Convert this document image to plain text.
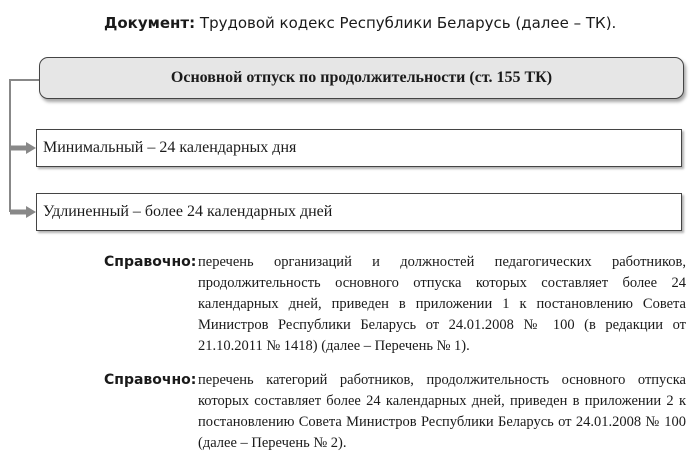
Документ: Трудовой кодекс Республики Беларусь (далее – ТК).
Основной отпуск по продолжительности (ст. 155 ТК)
Минимальный – 24 календарных дня
Удлиненный – более 24 календарных дней
Справочно: перечень организаций и должностей педагогических работников, продолжительность основного отпуска которых составляет более 24 календарных дней, приведен в приложении 1 к постановлению Совета Министров Республики Беларусь от 24.01.2008 № 100 (в редакции от 21.10.2011 № 1418) (далее – Перечень № 1).
Справочно: перечень категорий работников, продолжительность основного отпуска которых составляет более 24 календарных дней, приведен в приложении 2 к постановлению Совета Министров Республики Беларусь от 24.01.2008 № 100 (далее – Перечень № 2).
